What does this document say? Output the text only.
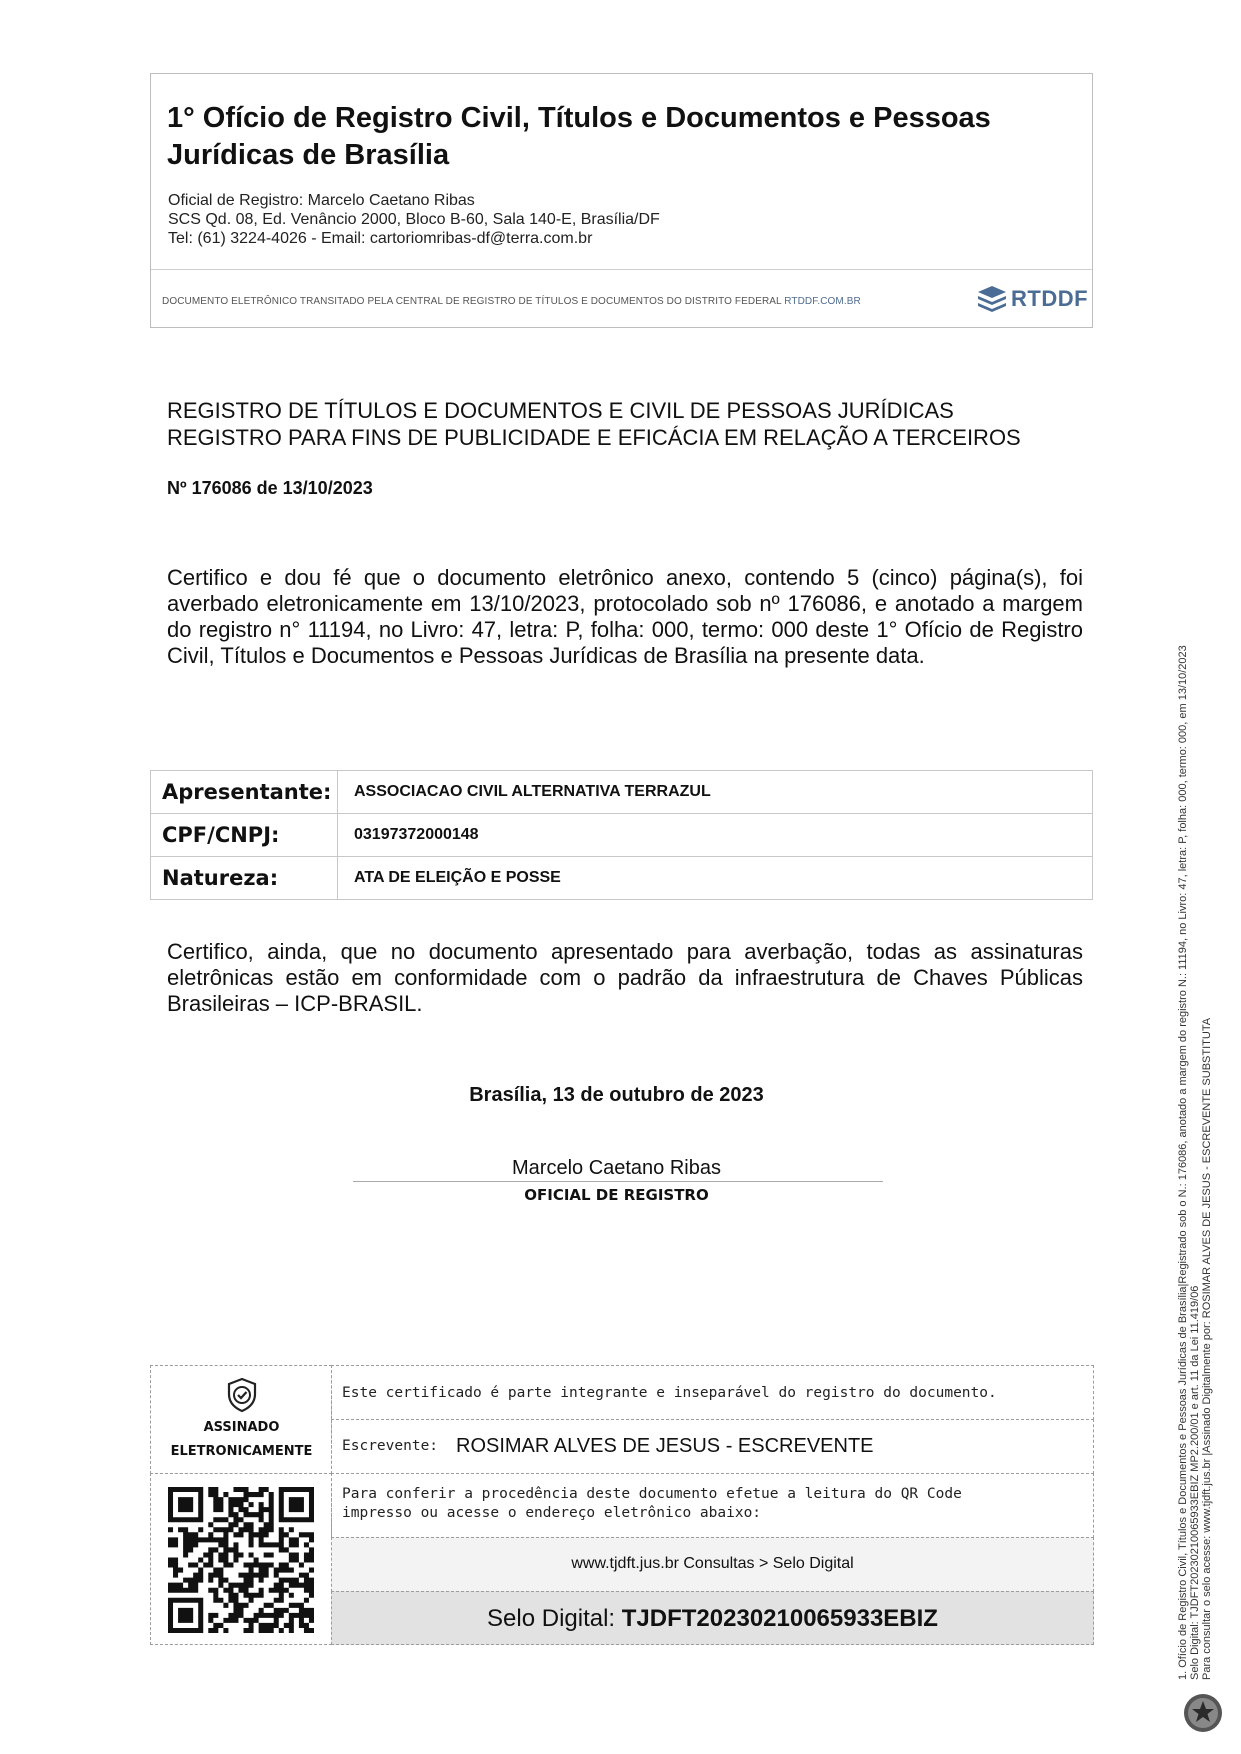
1° Ofício de Registro Civil, Títulos e Documentos e Pessoas Jurídicas de Brasília
Oficial de Registro: Marcelo Caetano Ribas
SCS Qd. 08, Ed. Venâncio 2000, Bloco B-60, Sala 140-E, Brasília/DF
Tel: (61) 3224-4026 - Email: cartoriomribas-df@terra.com.br
DOCUMENTO ELETRÔNICO TRANSITADO PELA CENTRAL DE REGISTRO DE TÍTULOS E DOCUMENTOS DO DISTRITO FEDERAL RTDDF.COM.BR	RTDDF
REGISTRO DE TÍTULOS E DOCUMENTOS E CIVIL DE PESSOAS JURÍDICAS
REGISTRO PARA FINS DE PUBLICIDADE E EFICÁCIA EM RELAÇÃO A TERCEIROS
Nº 176086 de 13/10/2023
Certifico e dou fé que o documento eletrônico anexo, contendo 5 (cinco) página(s), foi averbado eletronicamente em 13/10/2023, protocolado sob nº 176086, e anotado a margem do registro n° 11194, no Livro: 47, letra: P, folha: 000, termo: 000 deste 1° Ofício de Registro Civil, Títulos e Documentos e Pessoas Jurídicas de Brasília na presente data.
Apresentante:	ASSOCIACAO CIVIL ALTERNATIVA TERRAZUL
CPF/CNPJ:	03197372000148
Natureza:	ATA DE ELEIÇÃO E POSSE
Certifico, ainda, que no documento apresentado para averbação, todas as assinaturas eletrônicas estão em conformidade com o padrão da infraestrutura de Chaves Públicas Brasileiras – ICP-BRASIL.
Brasília, 13 de outubro de 2023
Marcelo Caetano Ribas
OFICIAL DE REGISTRO
ASSINADO
ELETRONICAMENTE
Este certificado é parte integrante e inseparável do registro do documento.
Escrevente: ROSIMAR ALVES DE JESUS - ESCREVENTE
Para conferir a procedência deste documento efetue a leitura do QR Code
impresso ou acesse o endereço eletrônico abaixo:
www.tjdft.jus.br Consultas > Selo Digital
Selo Digital: TJDFT20230210065933EBIZ	1. Ofício de Registro Civil, Títulos e Documentos e Pessoas Jurídicas de Brasília|Registrado sob o N.: 176086, anotado a margem do registro N.: 11194, no Livro: 47, letra: P, folha: 000, termo: 000, em 13/10/2023 Selo Digital: TJDFT20230210065933EBIZ MP2.200/01 e art. 11 da Lei 11.419/06 Para consultar o selo acesse: www.tjdft.jus.br |Assinado Digitalmente por: ROSIMAR ALVES DE JESUS - ESCREVENTE SUBSTITUTA
